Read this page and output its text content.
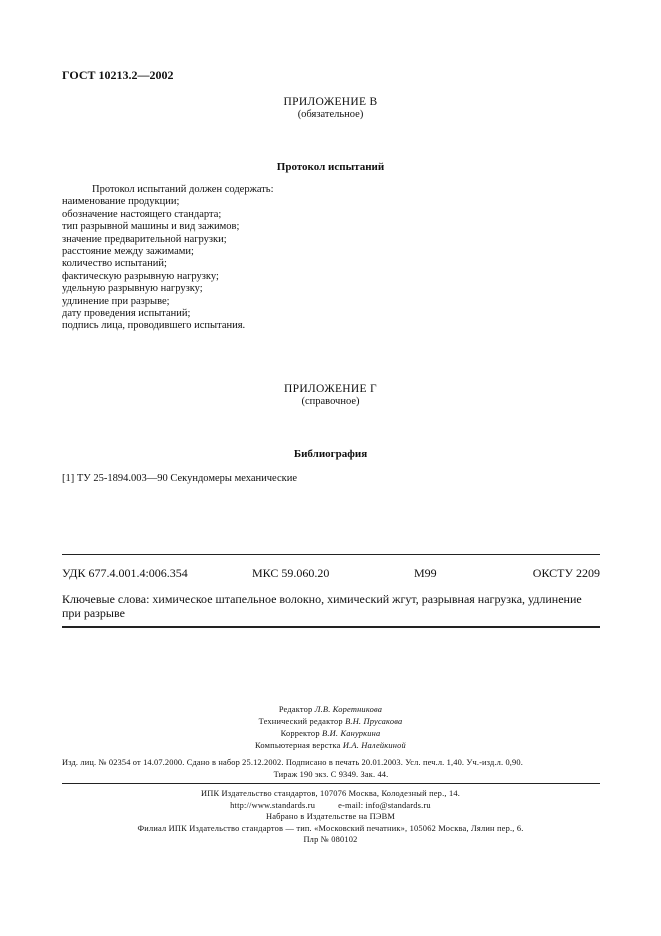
ГОСТ 10213.2—2002
ПРИЛОЖЕНИЕ В
(обязательное)
Протокол испытаний
Протокол испытаний должен содержать:
наименование продукции;
обозначение настоящего стандарта;
тип разрывной машины и вид зажимов;
значение предварительной нагрузки;
расстояние между зажимами;
количество испытаний;
фактическую разрывную нагрузку;
удельную разрывную нагрузку;
удлинение при разрыве;
дату проведения испытаний;
подпись лица, проводившего испытания.
ПРИЛОЖЕНИЕ Г
(справочное)
Библиография
[1] ТУ 25-1894.003—90 Секундомеры механические
УДК 677.4.001.4:006.354	МКС 59.060.20	М99	ОКСТУ 2209
Ключевые слова: химическое штапельное волокно, химический жгут, разрывная нагрузка, удлинение при разрыве
Редактор Л.В. Коретникова
Технический редактор В.Н. Прусакова
Корректор В.И. Кануркина
Компьютерная верстка И.А. Налейкиной
Изд. лиц. № 02354 от 14.07.2000. Сдано в набор 25.12.2002. Подписано в печать 20.01.2003. Усл. печ.л. 1,40. Уч.-изд.л. 0,90.
Тираж 190 экз. С 9349. Зак. 44.
ИПК Издательство стандартов, 107076 Москва, Колодезный пер., 14.
http://www.standards.ru          e-mail: info@standards.ru
Набрано в Издательстве на ПЭВМ
Филиал ИПК Издательство стандартов — тип. «Московский печатник», 105062 Москва, Лялин пер., 6.
Плр № 080102
